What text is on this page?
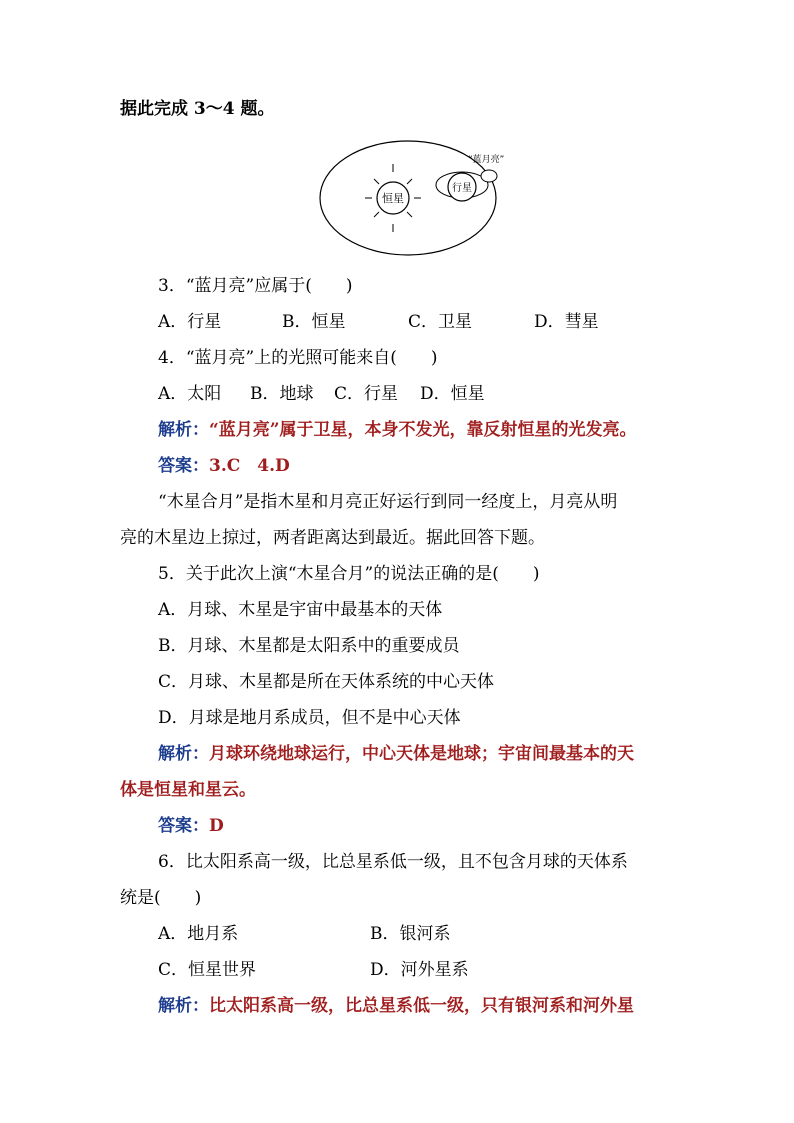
据此完成 3～4 题。
恒星
行星
“蓝月亮”
3．“蓝月亮”应属于(　　)
A．行星	B．恒星	C．卫星	D．彗星
4．“蓝月亮”上的光照可能来自(　　)
A．太阳 B．地球 C．行星 D．恒星
解析：“蓝月亮”属于卫星，本身不发光，靠反射恒星的光发亮。
答案：3.C　4.D
“木星合月”是指木星和月亮正好运行到同一经度上，月亮从明
亮的木星边上掠过，两者距离达到最近。据此回答下题。
5．关于此次上演“木星合月”的说法正确的是(　　)
A．月球、木星是宇宙中最基本的天体
B．月球、木星都是太阳系中的重要成员
C．月球、木星都是所在天体系统的中心天体
D．月球是地月系成员，但不是中心天体
解析：月球环绕地球运行，中心天体是地球；宇宙间最基本的天
体是恒星和星云。
答案：D
6．比太阳系高一级，比总星系低一级，且不包含月球的天体系
统是(　　)
A．地月系	B．银河系
C．恒星世界	D．河外星系
解析：比太阳系高一级，比总星系低一级，只有银河系和河外星
